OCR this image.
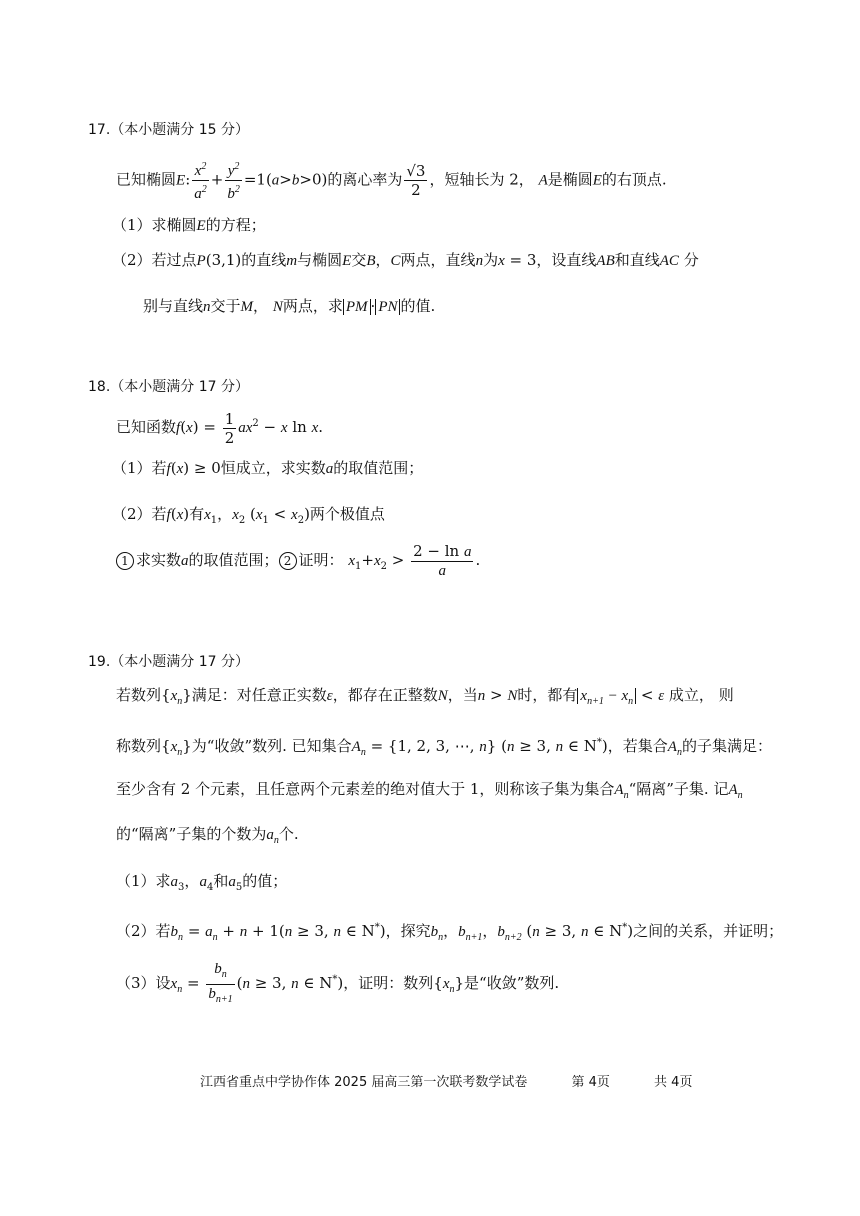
17.（本小题满分 15 分）
已知椭圆E: $\frac{x^2}{a^2} + \frac{y^2}{b^2} =1(a>b>0)$的离心率为 $\frac{√3}{2}$ ，短轴长为 2， A是椭圆E的右顶点.
（1）求椭圆E的方程；
（2）若过点P(3,1)的直线m与椭圆E交B，C两点，直线n为x = 3，设直线AB和直线AC 分
别与直线n交于M， N两点，求 PM · PN 的值.
18.（本小题满分 17 分）
已知函数$f(x) = \frac{1}{2} ax^2 - x$ ln x.
（1）若f(x) ≥ 0恒成立，求实数a的取值范围；
（2）若f(x)有$x_1$，$x_2$ $(x_1 < x_2)$两个极值点
1 求实数a的取值范围； 2 证明： $x_1+x_2 > \frac{\text{2 − ln a}}{a}$ .
19.（本小题满分 17 分）
若数列$\{x_n\}$满足：对任意正实数ε，都存在正整数N，当n > N时，都有 $x_{n+1} - x_n < \varepsilon$ 成立， 则
称数列$\{x_n\}$为“收敛”数列. 已知集合$A_n = \{1$, 2, 3, ⋯, n} (n ≥ 3, n ∈ N*)，若集合$A_n$的子集满足：
至少含有 2 个元素，且任意两个元素差的绝对值大于 1，则称该子集为集合$A_n“$隔离”子集. 记$A_n$
的“隔离”子集的个数为$a_n$个.
（1）求$a_3$，$a_4$和$a_5$的值；
（2）若$b_n = a_n + n + 1(n \ge 3$, n ∈ N*)，探究$b_n$，$b_{n+1}$，$b_{n+2}$ (n ≥ 3, n ∈ N*)之间的关系，并证明；
（3）设$x_n = \frac{b_n}{b_{n+1}} (n \ge 3$, n ∈ N*)，证明：数列$\{x_n\}$是“收敛”数列.
江西省重点中学协作体 2025 届高三第一次联考数学试卷	第 4页	共 4页
